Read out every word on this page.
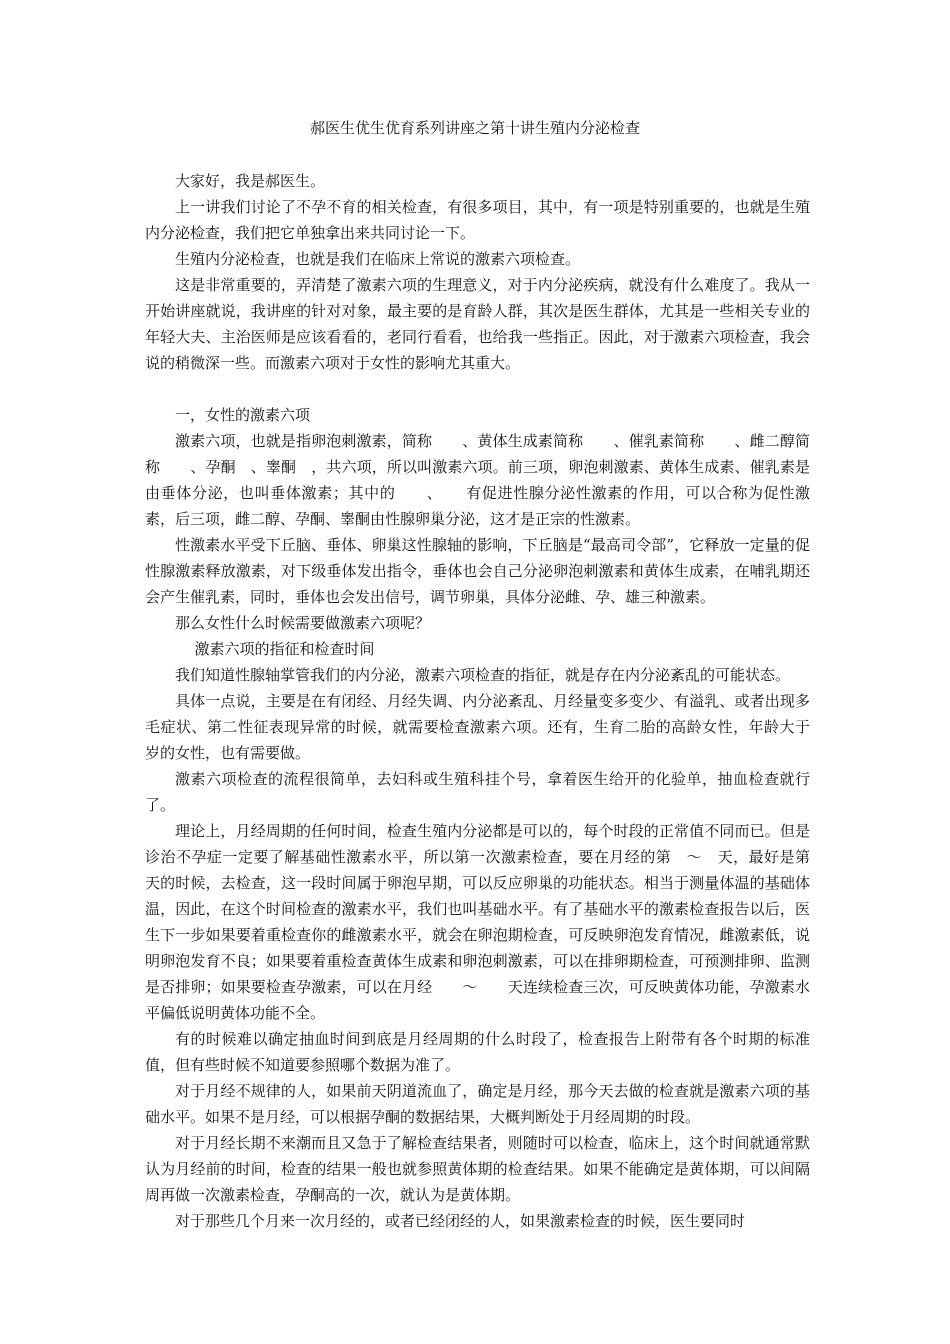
郝医生优生优育系列讲座之第十讲生殖内分泌检查

大家好，我是郝医生。

上一讲我们讨论了不孕不育的相关检查，有很多项目，其中，有一项是特别重要的，也就是生殖内分泌检查，我们把它单独拿出来共同讨论一下。

生殖内分泌检查，也就是我们在临床上常说的激素六项检查。

这是非常重要的，弄清楚了激素六项的生理意义，对于内分泌疾病，就没有什么难度了。我从一开始讲座就说，我讲座的针对对象，最主要的是育龄人群，其次是医生群体，尤其是一些相关专业的年轻大夫、主治医师是应该看看的，老同行看看，也给我一些指正。因此，对于激素六项检查，我会说的稍微深一些。而激素六项对于女性的影响尤其重大。

一，女性的激素六项

激素六项，也就是指卵泡刺激素，简称　　、黄体生成素简称　　、催乳素简称　　、雌二醇简称　　、孕酮　、睾酮　，共六项，所以叫激素六项。前三项，卵泡刺激素、黄体生成素、催乳素是由垂体分泌，也叫垂体激素；其中的　　、　　有促进性腺分泌性激素的作用，可以合称为促性激素，后三项，雌二醇、孕酮、睾酮由性腺卵巢分泌，这才是正宗的性激素。

性激素水平受下丘脑、垂体、卵巢这性腺轴的影响，下丘脑是“最高司令部”，它释放一定量的促性腺激素释放激素，对下级垂体发出指令，垂体也会自己分泌卵泡刺激素和黄体生成素，在哺乳期还会产生催乳素，同时，垂体也会发出信号，调节卵巢，具体分泌雌、孕、雄三种激素。

那么女性什么时候需要做激素六项呢？

激素六项的指征和检查时间

我们知道性腺轴掌管我们的内分泌，激素六项检查的指征，就是存在内分泌紊乱的可能状态。

具体一点说，主要是在有闭经、月经失调、内分泌紊乱、月经量变多变少、有溢乳、或者出现多毛症状、第二性征表现异常的时候，就需要检查激素六项。还有，生育二胎的高龄女性，年龄大于　　岁的女性，也有需要做。

激素六项检查的流程很简单，去妇科或生殖科挂个号，拿着医生给开的化验单，抽血检查就行了。

理论上，月经周期的任何时间，检查生殖内分泌都是可以的，每个时段的正常值不同而已。但是诊治不孕症一定要了解基础性激素水平，所以第一次激素检查，要在月经的第　～　天，最好是第　天的时候，去检查，这一段时间属于卵泡早期，可以反应卵巢的功能状态。相当于测量体温的基础体温，因此，在这个时间检查的激素水平，我们也叫基础水平。有了基础水平的激素检查报告以后，医生下一步如果要着重检查你的雌激素水平，就会在卵泡期检查，可反映卵泡发育情况，雌激素低，说明卵泡发育不良；如果要着重检查黄体生成素和卵泡刺激素，可以在排卵期检查，可预测排卵、监测是否排卵；如果要检查孕激素，可以在月经　　～　　天连续检查三次，可反映黄体功能，孕激素水平偏低说明黄体功能不全。

有的时候难以确定抽血时间到底是月经周期的什么时段了，检查报告上附带有各个时期的标准值，但有些时候不知道要参照哪个数据为准了。

对于月经不规律的人，如果前天阴道流血了，确定是月经，那今天去做的检查就是激素六项的基础水平。如果不是月经，可以根据孕酮的数据结果，大概判断处于月经周期的时段。

对于月经长期不来潮而且又急于了解检查结果者，则随时可以检查，临床上，这个时间就通常默认为月经前的时间，检查的结果一般也就参照黄体期的检查结果。如果不能确定是黄体期，可以间隔　周再做一次激素检查，孕酮高的一次，就认为是黄体期。

对于那些几个月来一次月经的，或者已经闭经的人，如果激素检查的时候，医生要同时
